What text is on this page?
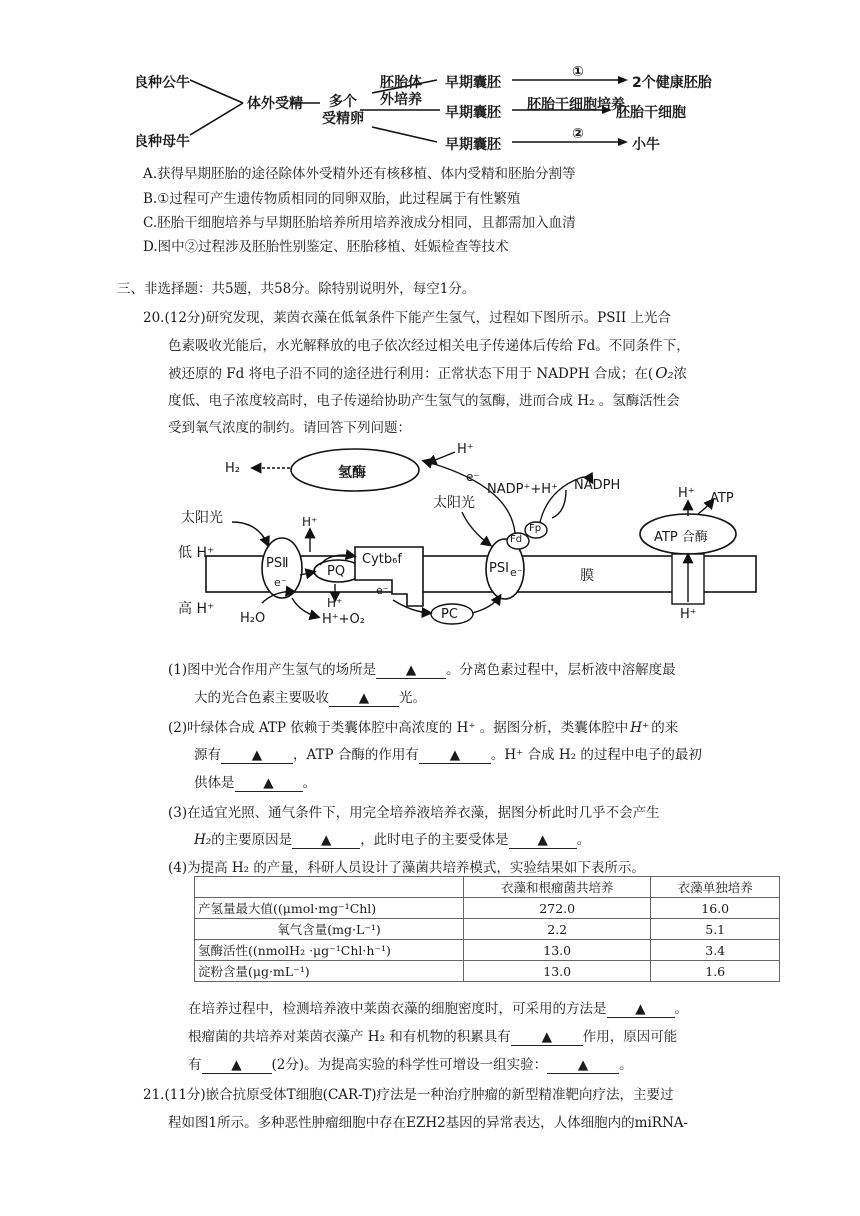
良种公牛
良种母牛
体外受精	多个
受精卵
胚胎体
外培养
早期囊胚
早期囊胚
早期囊胚
①
胚胎干细胞培养
②
2个健康胚胎
胚胎干细胞
小牛
A.获得早期胚胎的途径除体外受精外还有核移植、体内受精和胚胎分割等
B.①过程可产生遗传物质相同的同卵双胎，此过程属于有性繁殖
C.胚胎干细胞培养与早期胚胎培养所用培养液成分相同，且都需加入血清
D.图中②过程涉及胚胎性别鉴定、胚胎移植、妊娠检查等技术
三、非选择题：共5题，共58分。除特别说明外，每空1分。
20.(12分)研究发现，莱茵衣藻在低氧条件下能产生氢气，过程如下图所示。PSII 上光合
色素吸收光能后，水光解释放的电子依次经过相关电子传递体后传给 Fd。不同条件下，
被还原的 Fd 将电子沿不同的途径进行利用：正常状态下用于 NADPH 合成；在( O₂浓
度低、电子浓度较高时，电子传递给协助产生氢气的氢酶，进而合成 H₂ 。氢酶活性会
受到氧气浓度的制约。请回答下列问题：
氢酶
H₂
H⁺
e⁻
太阳光
太阳光
NADP⁺+H⁺ NADPH
H⁺ ATP
ATP 合酶
低 H⁺
高 H⁺
H⁺
PSⅡ
e⁻
PQ
Cytb₆f
e⁻
PSI e⁻
Fd
Fp
膜
H₂O	H⁺+O₂
H⁺
PC	H⁺
(1)图中光合作用产生氢气的场所是 ▲ 。分离色素过程中，层析液中溶解度最
大的光合色素主要吸收 ▲ 光。
(2)叶绿体合成 ATP 依赖于类囊体腔中高浓度的 H⁺ 。据图分析，类囊体腔中 H⁺ 的来
源有 ▲ ，ATP 合酶的作用有 ▲ 。H⁺ 合成 H₂ 的过程中电子的最初
供体是 ▲ 。
(3)在适宜光照、通气条件下，用完全培养液培养衣藻，据图分析此时几乎不会产生
H₂的主要原因是 ▲ ，此时电子的主要受体是 ▲ 。
(4)为提高 H₂ 的产量，科研人员设计了藻菌共培养模式，实验结果如下表所示。
	衣藻和根瘤菌共培养	衣藻单独培养
产氢量最大值((μmol·mg⁻¹Chl)	272.0	16.0
氧气含量(mg·L⁻¹)	2.2	5.1
氢酶活性((nmolH₂ ·μg⁻¹Chl·h⁻¹)	13.0	3.4
淀粉含量(μg·mL⁻¹)	13.0	1.6
在培养过程中，检测培养液中莱茵衣藻的细胞密度时，可采用的方法是 ▲ 。
根瘤菌的共培养对莱茵衣藻产 H₂ 和有机物的积累具有 ▲ 作用，原因可能
有 ▲ (2分)。为提高实验的科学性可增设一组实验： ▲ 。
21.(11分)嵌合抗原受体T细胞(CAR-T)疗法是一种治疗肿瘤的新型精准靶向疗法，主要过
程如图1所示。多种恶性肿瘤细胞中存在EZH2基因的异常表达，人体细胞内的miRNA-
